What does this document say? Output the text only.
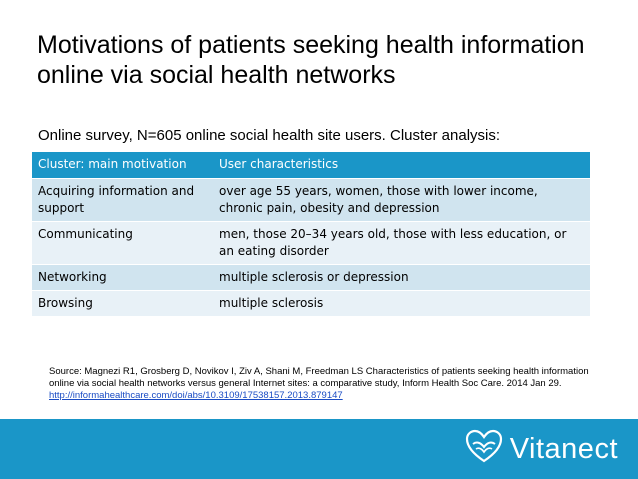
Motivations of patients seeking health information online via social health networks
Online survey, N=605 online social health site users. Cluster analysis:
Cluster: main motivation	User characteristics
Acquiring information and support	over age 55 years, women, those with lower income, chronic pain, obesity and depression
Communicating	men, those 20–34 years old, those with less education, or an eating disorder
Networking	multiple sclerosis or depression
Browsing	multiple sclerosis
Source: Magnezi R1, Grosberg D, Novikov I, Ziv A, Shani M, Freedman LS Characteristics of patients seeking health information online via social health networks versus general Internet sites: a comparative study, Inform Health Soc Care. 2014 Jan 29.
http://informahealthcare.com/doi/abs/10.3109/17538157.2013.879147
Vitanect
